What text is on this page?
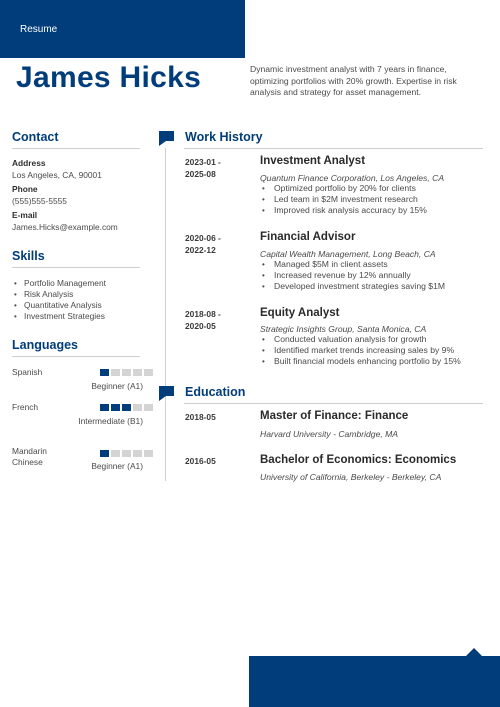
Resume
James Hicks	Dynamic investment analyst with 7 years in finance, optimizing portfolios with 20% growth. Expertise in risk analysis and strategy for asset management.
Contact
Address
Los Angeles, CA, 90001
Phone
(555)555-5555
E-mail
James.Hicks@example.com
Skills
• Portfolio Management
• Risk Analysis
• Quantitative Analysis
• Investment Strategies
Languages
Spanish
Beginner (A1)
French
Intermediate (B1)
Mandarin Chinese	Beginner (A1)
Work History
2023-01 -
2025-08
Investment Analyst
Quantum Finance Corporation, Los Angeles, CA
• Optimized portfolio by 20% for clients
• Led team in $2M investment research
• Improved risk analysis accuracy by 15%
2020-06 -
2022-12
Financial Advisor
Capital Wealth Management, Long Beach, CA
• Managed $5M in client assets
• Increased revenue by 12% annually
• Developed investment strategies saving $1M
2018-08 -
2020-05
Equity Analyst
Strategic Insights Group, Santa Monica, CA
• Conducted valuation analysis for growth
• Identified market trends increasing sales by 9%
• Built financial models enhancing portfolio by 15%
Education
2018-05	Master of Finance: Finance
Harvard University - Cambridge, MA
2016-05	Bachelor of Economics: Economics
University of California, Berkeley - Berkeley, CA
